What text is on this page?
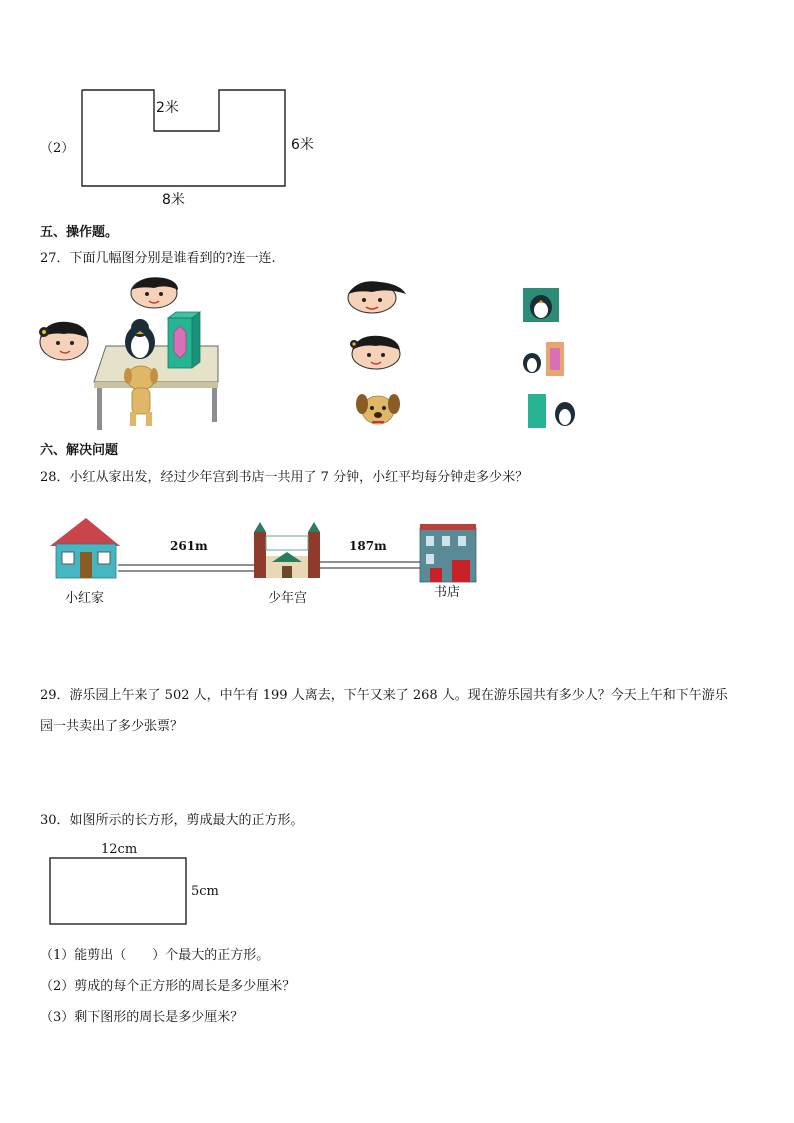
（2）
2米
6米
8米
五、操作题。
27．下面几幅图分别是谁看到的?连一连.
六、解决问题
28．小红从家出发，经过少年宫到书店一共用了 7 分钟，小红平均每分钟走多少米？
261m	187m
小红家	少年宫	书店
29．游乐园上午来了 502 人，中午有 199 人离去，下午又来了 268 人。现在游乐园共有多少人？今天上午和下午游乐
园一共卖出了多少张票？
30．如图所示的长方形，剪成最大的正方形。
12cm
5cm
（1）能剪出（　　）个最大的正方形。
（2）剪成的每个正方形的周长是多少厘米？
（3）剩下图形的周长是多少厘米？
